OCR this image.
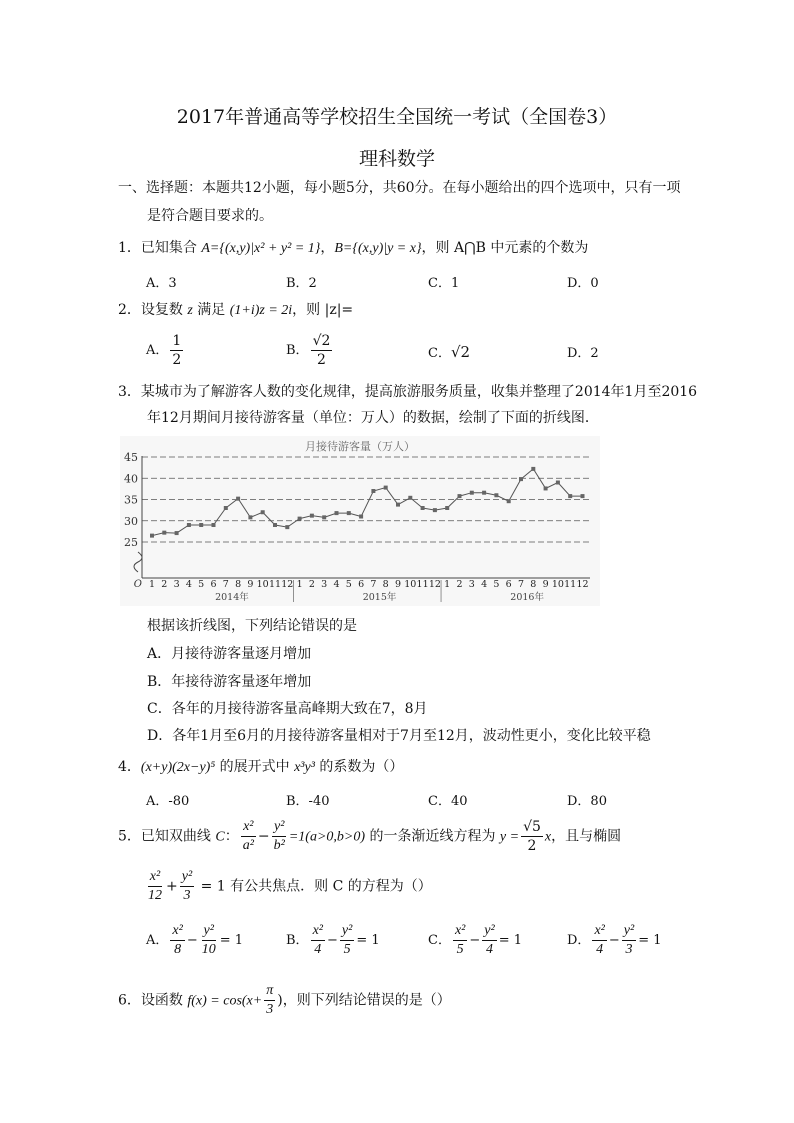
2017年普通高等学校招生全国统一考试（全国卷3）
理科数学
一、选择题：本题共12小题，每小题5分，共60分。在每小题给出的四个选项中，只有一项
是符合题目要求的。
1．已知集合 A={(x,y)|x² + y² = 1}，B={(x,y)|y = x}，则 A⋂B 中元素的个数为
A．3	B．2	C．1	D．0
2．设复数 z 满足 (1+i)z = 2i，则 |z|=
A． $\frac{1}{2}$	B． $\frac{√2}{2}$	C．√2	D．2
3．某城市为了解游客人数的变化规律，提高旅游服务质量，收集并整理了2014年1月至2016
年12月期间月接待游客量（单位：万人）的数据，绘制了下面的折线图．
月接待游客量（万人）
25
30
35
40
45
O 1 2 3 4 5 6 7 8 9 10 11 12 1 2 3 4 5 6 7 8 9 10 11 12 1 2 3 4 5 6 7 8 9 10 11 12
2014年	2015年	2016年
根据该折线图，下列结论错误的是
A．月接待游客量逐月增加
B．年接待游客量逐年增加
C．各年的月接待游客量高峰期大致在7，8月
D．各年1月至6月的月接待游客量相对于7月至12月，波动性更小，变化比较平稳
4．(x+y)(2x−y)⁵ 的展开式中 x³y³ 的系数为（）
A．-80	B．-40	C．40	D．80
5．已知双曲线 C： $\frac{\text{x²}}{\text{a²}} - \frac{\text{y²}}{\text{b²}} =1(a>0,b>0)$ 的一条渐近线方程为 $y = \frac{√5}{2}$ x，且与椭圆
$\frac{\text{x²}}{12} + \frac{\text{y²}}{3} = 1$ 有公共焦点．则 C 的方程为（）
A． $\frac{\text{x²}}{8} - \frac{\text{y²}}{10} = 1$	B． $\frac{\text{x²}}{4} - \frac{\text{y²}}{5} = 1$	C． $\frac{\text{x²}}{5} - \frac{\text{y²}}{4} = 1$	D． $\frac{\text{x²}}{4} - \frac{\text{y²}}{3} = 1$
6．设函数 $f(x) = \cos(x+ \frac{\pi}{3}$ )，则下列结论错误的是（）
